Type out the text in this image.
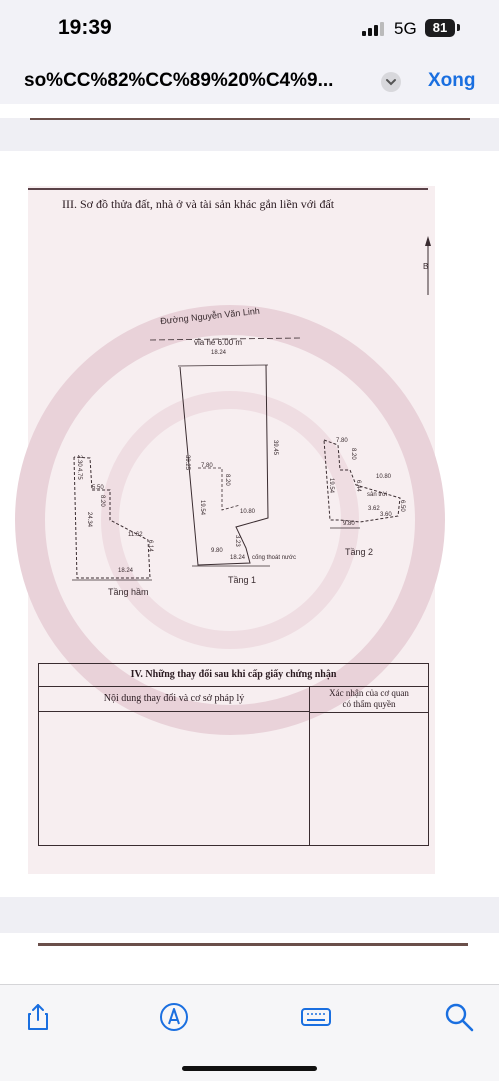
19:39	5G	81
so%CC%82%CC%89%20%C4%9...	Xong
III. Sơ đồ thửa đất, nhà ở và tài sản khác gắn liền với đất
Đường Nguyễn Văn Linh
vỉa hè 6.00 m
18.24
B
39.45
39.25 7.80
8.20
19.54	10.80
3.23
9.80
18.24 cống thoát nước
Tầng 1
2.30
4.75
5.50
8.20
24.34
11.62
6.14
18.24
Tầng hầm
7.80
8.20
10.80
19.54	6.44
sân trời
6.50
3.62
3.60
9.80
Tầng 2
IV. Những thay đổi sau khi cấp giấy chứng nhận
Nội dung thay đổi và cơ sở pháp lý	Xác nhận của cơ quan
có thẩm quyền
